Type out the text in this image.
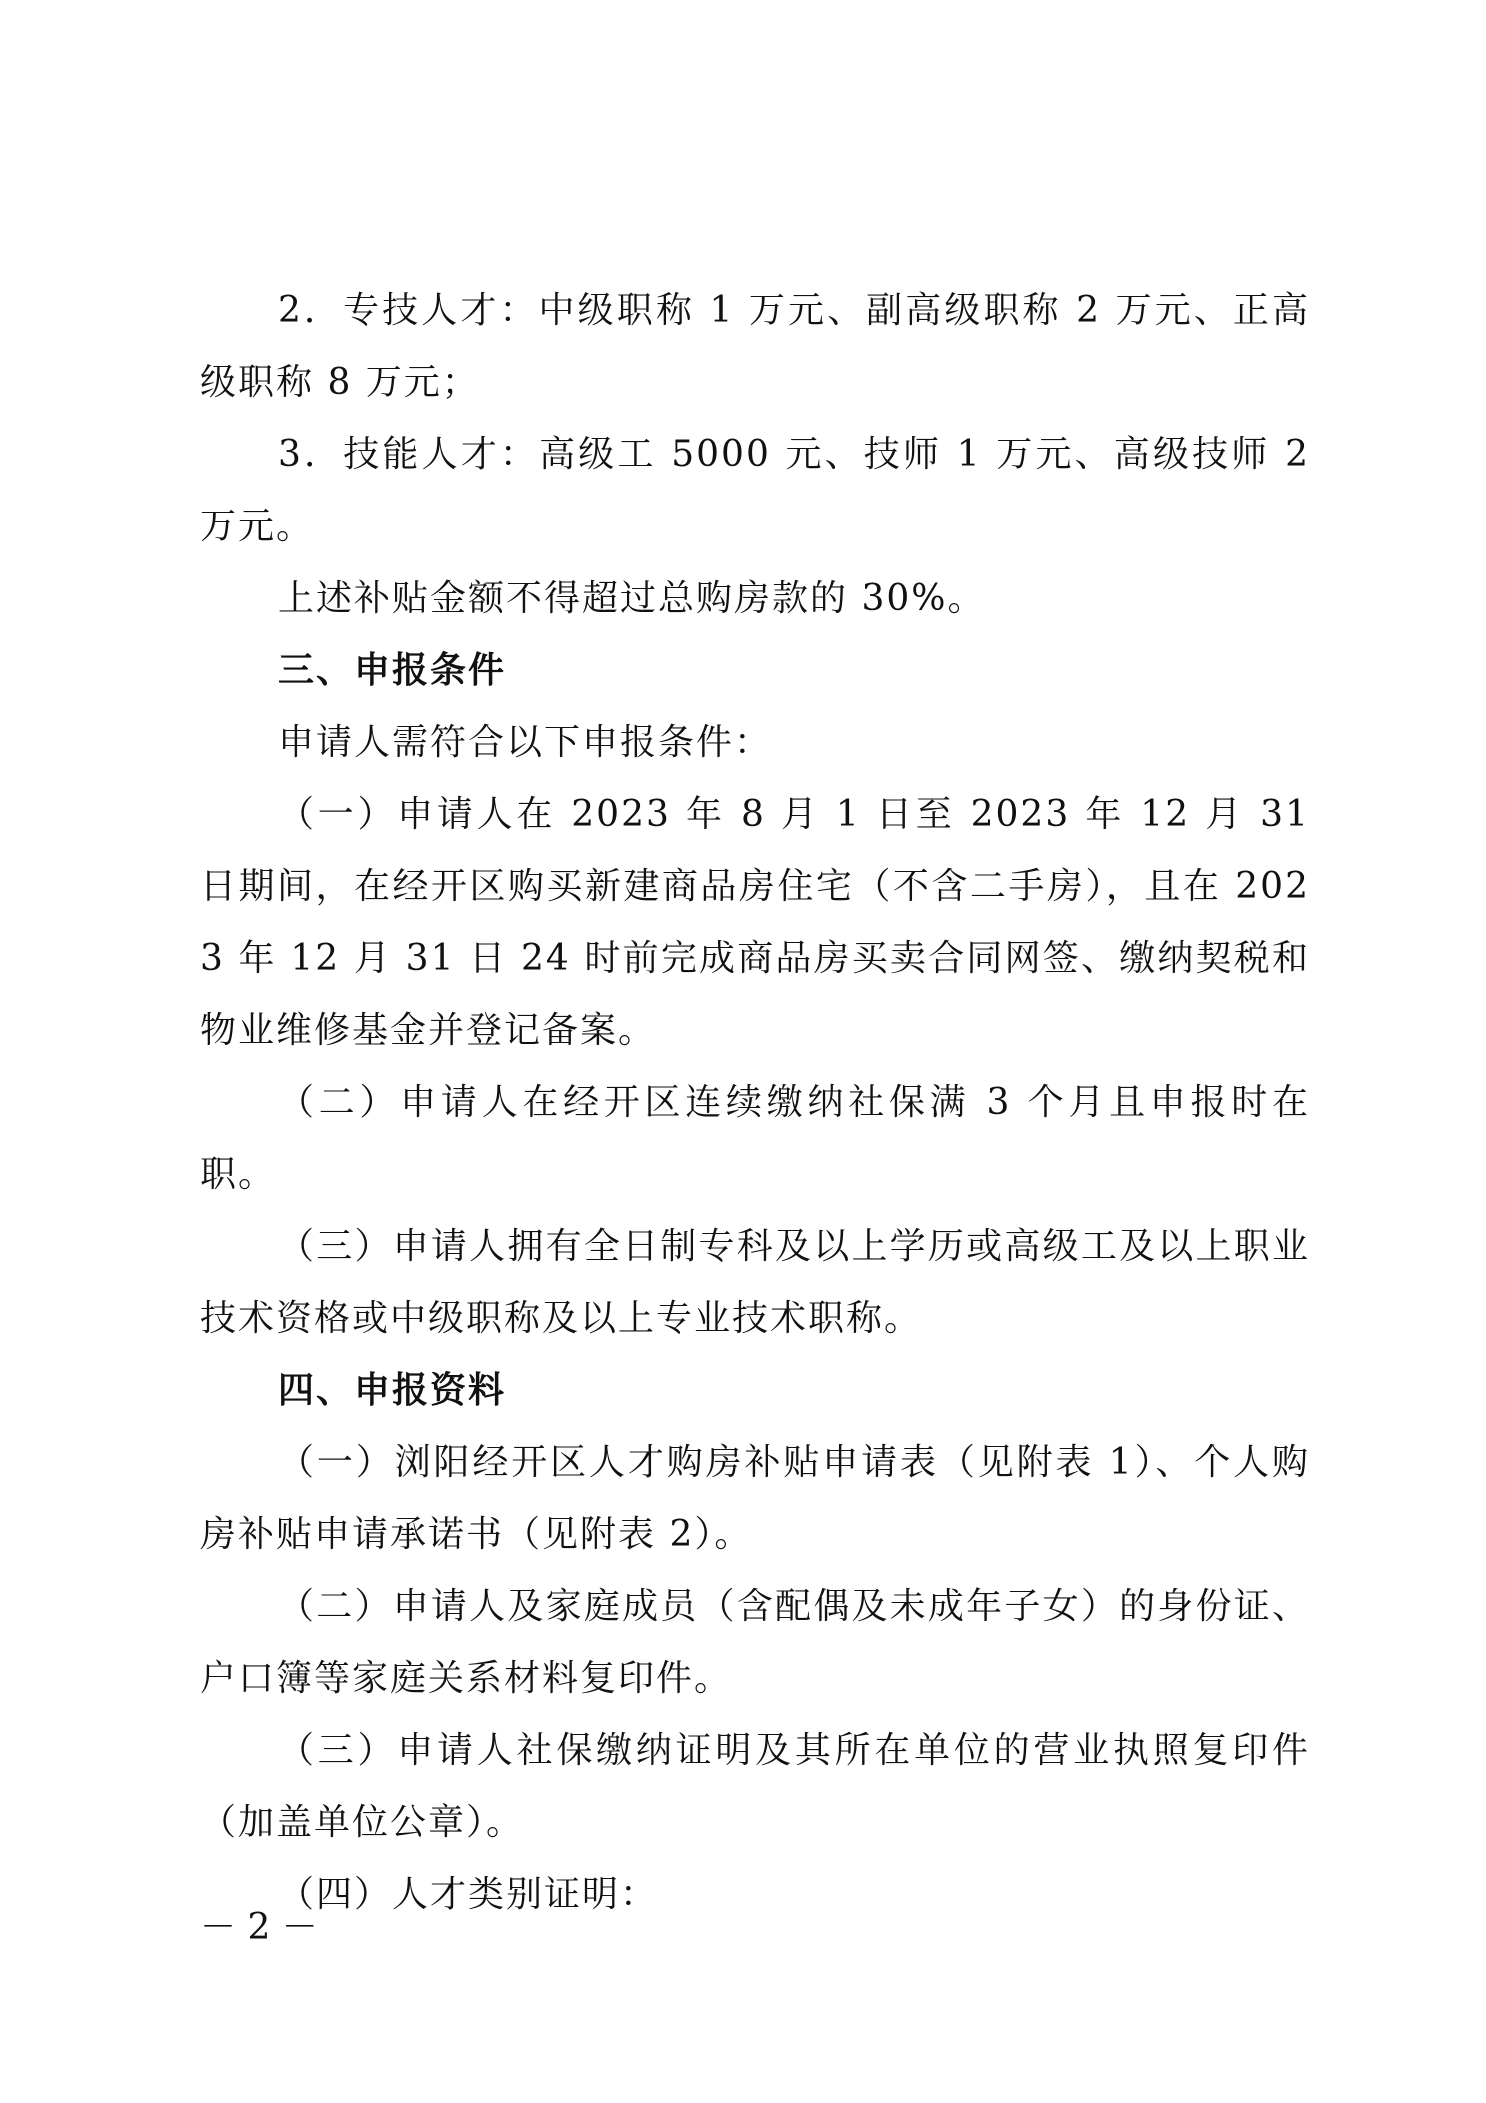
2．专技人才：中级职称 1 万元、副高级职称 2 万元、正高级职称 8 万元；

3．技能人才：高级工 5000 元、技师 1 万元、高级技师 2 万元。

上述补贴金额不得超过总购房款的 30%。

三、申报条件

申请人需符合以下申报条件：

（一）申请人在 2023 年 8 月 1 日至 2023 年 12 月 31 日期间，在经开区购买新建商品房住宅（不含二手房），且在 2023 年 12 月 31 日 24 时前完成商品房买卖合同网签、缴纳契税和物业维修基金并登记备案。

（二）申请人在经开区连续缴纳社保满 3 个月且申报时在职。

（三）申请人拥有全日制专科及以上学历或高级工及以上职业技术资格或中级职称及以上专业技术职称。

四、申报资料

（一）浏阳经开区人才购房补贴申请表（见附表 1）、个人购房补贴申请承诺书（见附表 2）。

（二）申请人及家庭成员（含配偶及未成年子女）的身份证、户口簿等家庭关系材料复印件。

（三）申请人社保缴纳证明及其所在单位的营业执照复印件（加盖单位公章）。

（四）人才类别证明：

－ 2 －
